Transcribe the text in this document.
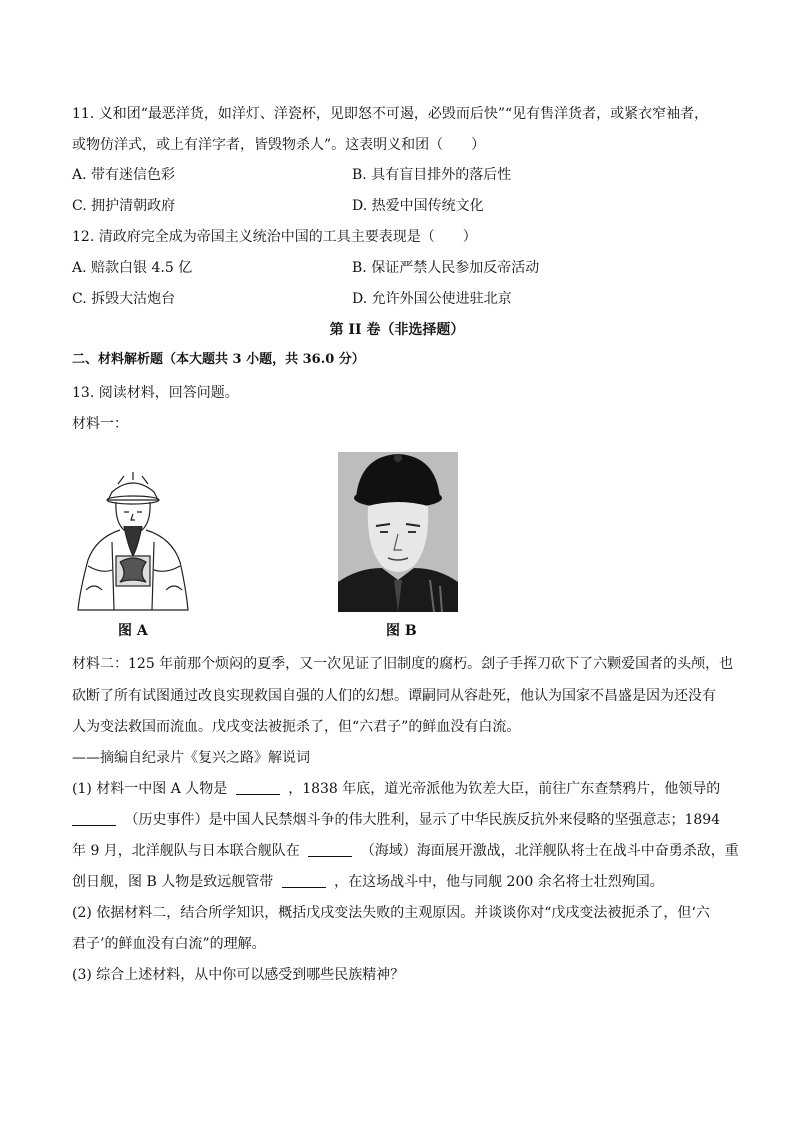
11. 义和团“最恶洋货，如洋灯、洋瓷杯，见即怒不可遏，必毁而后快”“见有售洋货者，或紧衣窄袖者，
或物仿洋式，或上有洋字者，皆毁物杀人”。这表明义和团（　　）
A. 带有迷信色彩	B. 具有盲目排外的落后性
C. 拥护清朝政府	D. 热爱中国传统文化
12. 清政府完全成为帝国主义统治中国的工具主要表现是（　　）
A. 赔款白银 4.5 亿	B. 保证严禁人民参加反帝活动
C. 拆毁大沽炮台	D. 允许外国公使进驻北京
第 II 卷（非选择题）
二、材料解析题（本大题共 3 小题，共 36.0 分）
13. 阅读材料，回答问题。
材料一：
图 A	图 B
材料二：125 年前那个烦闷的夏季，又一次见证了旧制度的腐朽。刽子手挥刀砍下了六颗爱国者的头颅，也
砍断了所有试图通过改良实现救国自强的人们的幻想。谭嗣同从容赴死，他认为国家不昌盛是因为还没有
人为变法救国而流血。戊戌变法被扼杀了，但“六君子”的鲜血没有白流。
——摘编自纪录片《复兴之路》解说词
(1) 材料一中图 A 人物是	，1838 年底，道光帝派他为钦差大臣，前往广东查禁鸦片，他领导的
（历史事件）是中国人民禁烟斗争的伟大胜利，显示了中华民族反抗外来侵略的坚强意志；1894
年 9 月，北洋舰队与日本联合舰队在	（海域）海面展开激战，北洋舰队将士在战斗中奋勇杀敌，重
创日舰，图 B 人物是致远舰管带	，在这场战斗中，他与同舰 200 余名将士壮烈殉国。
(2) 依据材料二，结合所学知识，概括戊戌变法失败的主观原因。并谈谈你对“戊戌变法被扼杀了，但‘六
君子’的鲜血没有白流”的理解。
(3) 综合上述材料，从中你可以感受到哪些民族精神？
